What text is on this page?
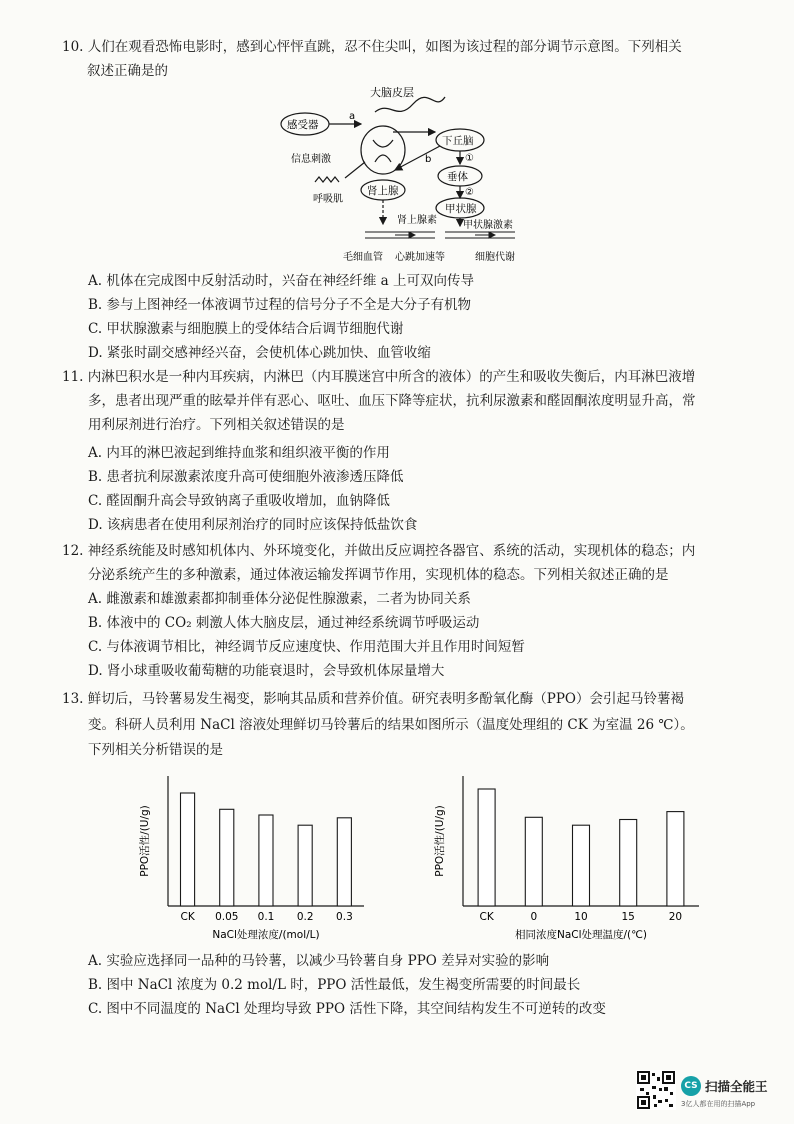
10. 人们在观看恐怖电影时，感到心怦怦直跳，忍不住尖叫，如图为该过程的部分调节示意图。下列相关
叙述正确是的
大脑皮层
感受器
a
信息刺激
下丘脑
①
b
垂体
②
肾上腺
甲状腺
呼吸肌
肾上腺素	甲状腺激素
毛细血管 心跳加速等	细胞代谢
A. 机体在完成图中反射活动时，兴奋在神经纤维 a 上可双向传导
B. 参与上图神经一体液调节过程的信号分子不全是大分子有机物
C. 甲状腺激素与细胞膜上的受体结合后调节细胞代谢
D. 紧张时副交感神经兴奋，会使机体心跳加快、血管收缩
11. 内淋巴积水是一种内耳疾病，内淋巴（内耳膜迷宫中所含的液体）的产生和吸收失衡后，内耳淋巴液增
多，患者出现严重的眩晕并伴有恶心、呕吐、血压下降等症状，抗利尿激素和醛固酮浓度明显升高，常
用利尿剂进行治疗。下列相关叙述错误的是
A. 内耳的淋巴液起到维持血浆和组织液平衡的作用
B. 患者抗利尿激素浓度升高可使细胞外液渗透压降低
C. 醛固酮升高会导致钠离子重吸收增加，血钠降低
D. 该病患者在使用利尿剂治疗的同时应该保持低盐饮食
12. 神经系统能及时感知机体内、外环境变化，并做出反应调控各器官、系统的活动，实现机体的稳态；内
分泌系统产生的多种激素，通过体液运输发挥调节作用，实现机体的稳态。下列相关叙述正确的是
A. 雌激素和雄激素都抑制垂体分泌促性腺激素，二者为协同关系
B. 体液中的 CO₂ 刺激人体大脑皮层，通过神经系统调节呼吸运动
C. 与体液调节相比，神经调节反应速度快、作用范围大并且作用时间短暂
D. 肾小球重吸收葡萄糖的功能衰退时，会导致机体尿量增大
13. 鲜切后，马铃薯易发生褐变，影响其品质和营养价值。研究表明多酚氧化酶（PPO）会引起马铃薯褐
变。科研人员利用 NaCl 溶液处理鲜切马铃薯后的结果如图所示（温度处理组的 CK 为室温 26 ℃）。
下列相关分析错误的是
CK 0.05 0.1 0.2 0.3
NaCl处理浓度/(mol/L)
PPO活性/(U/g)
CK	0	10	15	20
相同浓度NaCl处理温度/(℃)
PPO活性/(U/g)
A. 实验应选择同一品种的马铃薯，以减少马铃薯自身 PPO 差异对实验的影响
B. 图中 NaCl 浓度为 0.2 mol/L 时，PPO 活性最低，发生褐变所需要的时间最长
C. 图中不同温度的 NaCl 处理均导致 PPO 活性下降，其空间结构发生不可逆转的改变
CS 扫描全能王
3亿人都在用的扫描App
